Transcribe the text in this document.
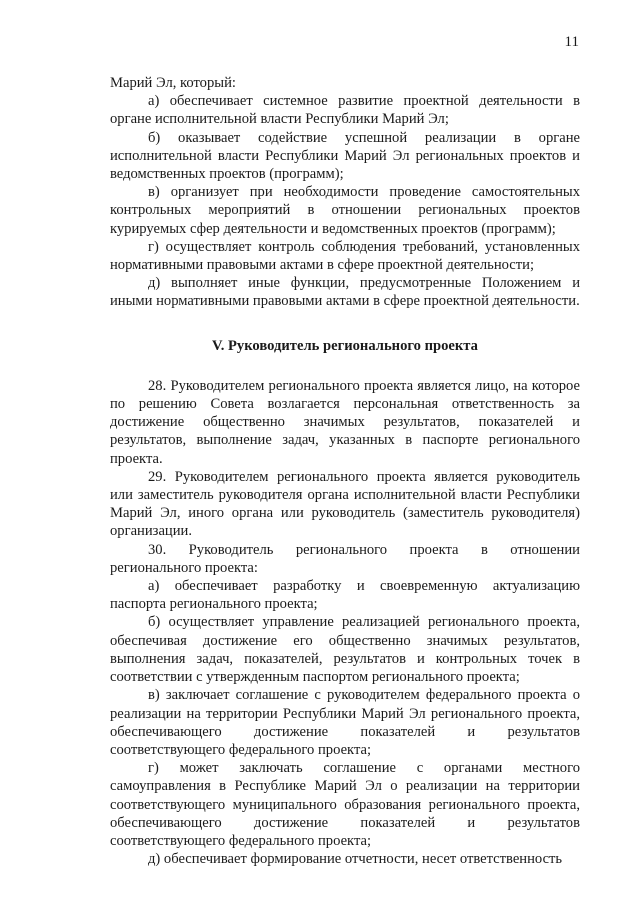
11

Марий Эл, который:

а) обеспечивает системное развитие проектной деятельности в органе исполнительной власти Республики Марий Эл;

б) оказывает содействие успешной реализации в органе исполнительной власти Республики Марий Эл региональных проектов и ведомственных проектов (программ);

в) организует при необходимости проведение самостоятельных контрольных мероприятий в отношении региональных проектов курируемых сфер деятельности и ведомственных проектов (программ);

г) осуществляет контроль соблюдения требований, установленных нормативными правовыми актами в сфере проектной деятельности;

д) выполняет иные функции, предусмотренные Положением и иными нормативными правовыми актами в сфере проектной деятельности.

V. Руководитель регионального проекта

28. Руководителем регионального проекта является лицо, на которое по решению Совета возлагается персональная ответственность за достижение общественно значимых результатов, показателей и результатов, выполнение задач, указанных в паспорте регионального проекта.

29. Руководителем регионального проекта является руководитель или заместитель руководителя органа исполнительной власти Республики Марий Эл, иного органа или руководитель (заместитель руководителя) организации.

30. Руководитель регионального проекта в отношении регионального проекта:

а) обеспечивает разработку и своевременную актуализацию паспорта регионального проекта;

б) осуществляет управление реализацией регионального проекта, обеспечивая достижение его общественно значимых результатов, выполнения задач, показателей, результатов и контрольных точек в соответствии с утвержденным паспортом регионального проекта;

в) заключает соглашение с руководителем федерального проекта о реализации на территории Республики Марий Эл регионального проекта, обеспечивающего достижение показателей и результатов соответствующего федерального проекта;

г) может заключать соглашение с органами местного самоуправления в Республике Марий Эл о реализации на территории соответствующего муниципального образования регионального проекта, обеспечивающего достижение показателей и результатов соответствующего федерального проекта;

д) обеспечивает формирование отчетности, несет ответственность
